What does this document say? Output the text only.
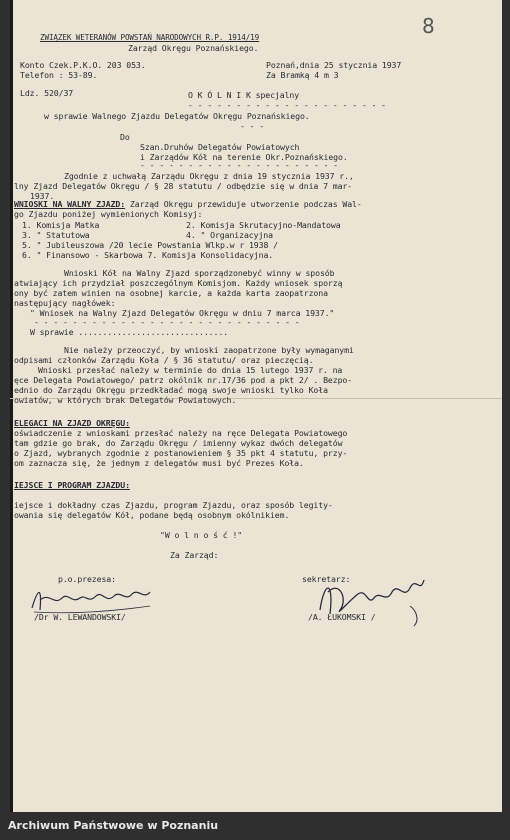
8
ZWIĄZEK WETERANÓW POWSTAŃ NARODOWYCH R.P. 1914/19
Zarząd Okręgu Poznańskiego.
Konto Czek.P.K.O. 203 053.
Telefon : 53-89.
Poznań,dnia 25 stycznia 1937
Za Bramką 4 m 3
Ldz. 520/37	O K Ó L N I K specjalny
- - - - - - - - - - - - - - - - - - - - -
w sprawie Walnego Zjazdu Delegatów Okręgu Poznańskiego.
- - -
Do
Szan.Druhów Delegatów Powiatowych
i Zarządów Kół na terenie Okr.Poznańskiego.
- - - - - - - - - - - - - - - - - - - - -
Zgodnie z uchwałą Zarządu Okręgu z dnia 19 stycznia 1937 r.,
lny Zjazd Delegatów Okręgu / § 28 statutu / odbędzie się w dnia 7 mar-
1937.
WNIOSKI NA WALNY ZJAZD: Zarząd Okręgu przewiduje utworzenie podczas Wal-
go Zjazdu poniżej wymienionych Komisyj:
1. Komisja Matka	2. Komisja Skrutacyjno-Mandatowa
3. " Statutowa	4. " Organizacyjna
5. " Jubileuszowa /20 lecie Powstania Wlkp.w r 1938 /
6. " Finansowo - Skarbowa 7. Komisja Konsolidacyjna.
Wnioski Kół na Walny Zjazd sporządzonebyć winny w sposób
atwiający ich przydział poszczególnym Komisjom. Każdy wniosek sporzą
ony być zatem winien na osobnej karcie, a każda karta zaopatrzona
następujący nagłówek:
" Wniosek na Walny Zjazd Delegatów Okręgu w dniu 7 marca 1937."
- - - - - - - - - - - - - - - - - - - - - - - - - - - -
W sprawie ...............................
Nie należy przeoczyć, by wnioski zaopatrzone były wymaganymi
odpisami członków Zarządu Koła / § 36 statutu/ oraz pieczęcią.
Wnioski przesłać należy w terminie do dnia 15 lutego 1937 r. na
ęce Delegata Powiatowego/ patrz okólnik nr.17/36 pod a pkt 2/ . Bezpo-
ednio do Zarządu Okręgu przedkładać mogą swoje wnioski tylko Koła
owiatów, w których brak Delegatów Powiatowych.
ELEGACI NA ZJAZD OKRĘGU:
oświadczenie z wnioskami przesłać należy na ręce Delegata Powiatowego
tam gdzie go brak, do Zarządu Okręgu / imienny wykaz dwóch delegatów
o Zjazd, wybranych zgodnie z postanowieniem § 35 pkt 4 statutu, przy-
om zaznacza się, że jednym z delegatów musi być Prezes Koła.
IEJSCE I PROGRAM ZJAZDU:
iejsce i dokładny czas Zjazdu, program Zjazdu, oraz sposób legity-
owania się delegatów Kół, podane będą osobnym okólnikiem.
"W o l n o ś ć !"
Za Zarząd:
p.o.prezesa:	sekretarz:
/Dr W. LEWANDOWSKI/	/A. ŁUKOMSKI /
Archiwum Państwowe w Poznaniu
